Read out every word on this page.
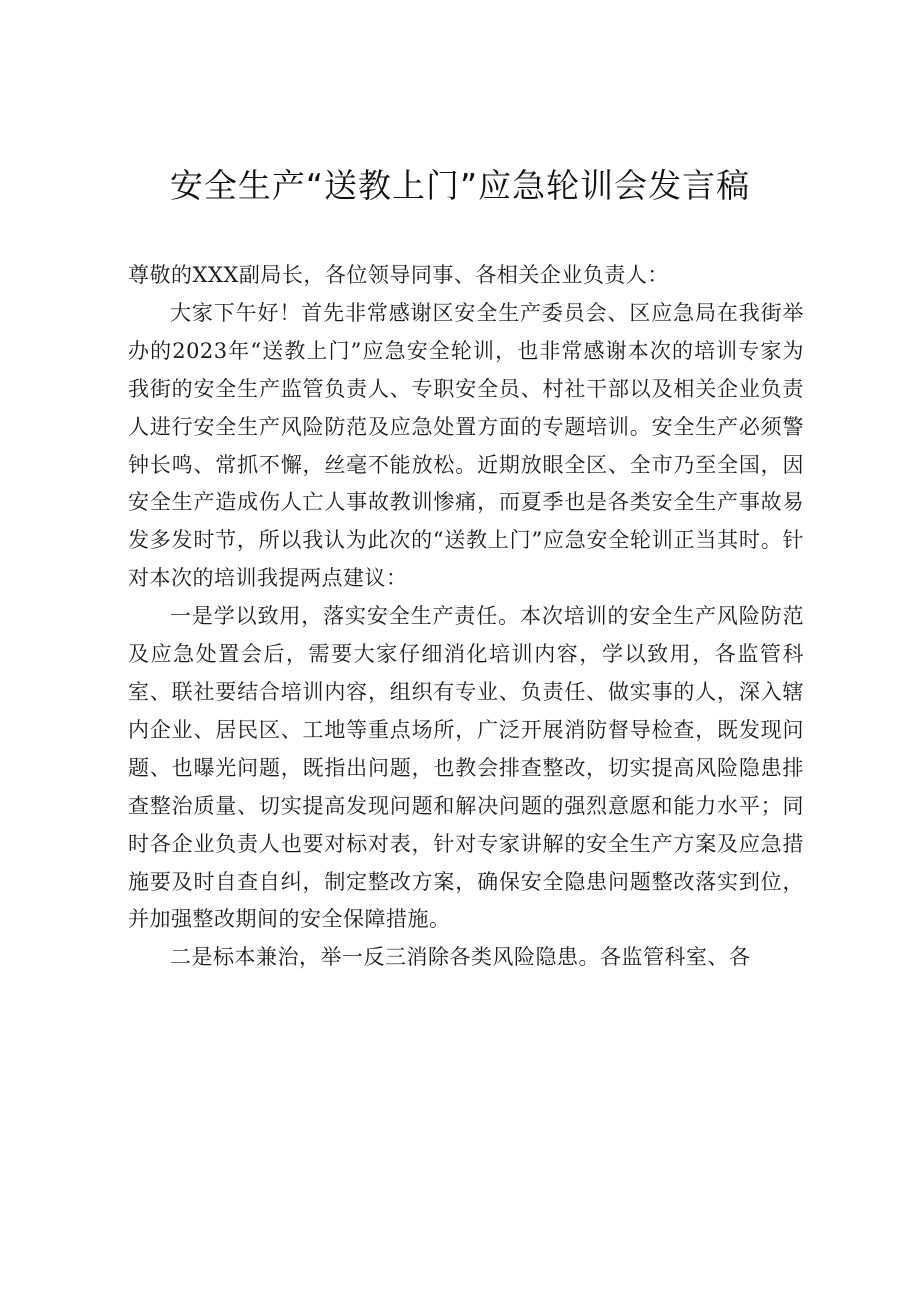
安全生产“送教上门”应急轮训会发言稿

尊敬的XXX副局长，各位领导同事、各相关企业负责人：

大家下午好！首先非常感谢区安全生产委员会、区应急局在我街举办的2023年“送教上门”应急安全轮训，也非常感谢本次的培训专家为我街的安全生产监管负责人、专职安全员、村社干部以及相关企业负责人进行安全生产风险防范及应急处置方面的专题培训。安全生产必须警钟长鸣、常抓不懈，丝毫不能放松。近期放眼全区、全市乃至全国，因安全生产造成伤人亡人事故教训惨痛，而夏季也是各类安全生产事故易发多发时节，所以我认为此次的“送教上门”应急安全轮训正当其时。针对本次的培训我提两点建议：

一是学以致用，落实安全生产责任。本次培训的安全生产风险防范及应急处置会后，需要大家仔细消化培训内容，学以致用，各监管科室、联社要结合培训内容，组织有专业、负责任、做实事的人，深入辖内企业、居民区、工地等重点场所，广泛开展消防督导检查，既发现问题、也曝光问题，既指出问题，也教会排查整改，切实提高风险隐患排查整治质量、切实提高发现问题和解决问题的强烈意愿和能力水平；同时各企业负责人也要对标对表，针对专家讲解的安全生产方案及应急措施要及时自查自纠，制定整改方案，确保安全隐患问题整改落实到位，并加强整改期间的安全保障措施。

二是标本兼治，举一反三消除各类风险隐患。各监管科室、各
